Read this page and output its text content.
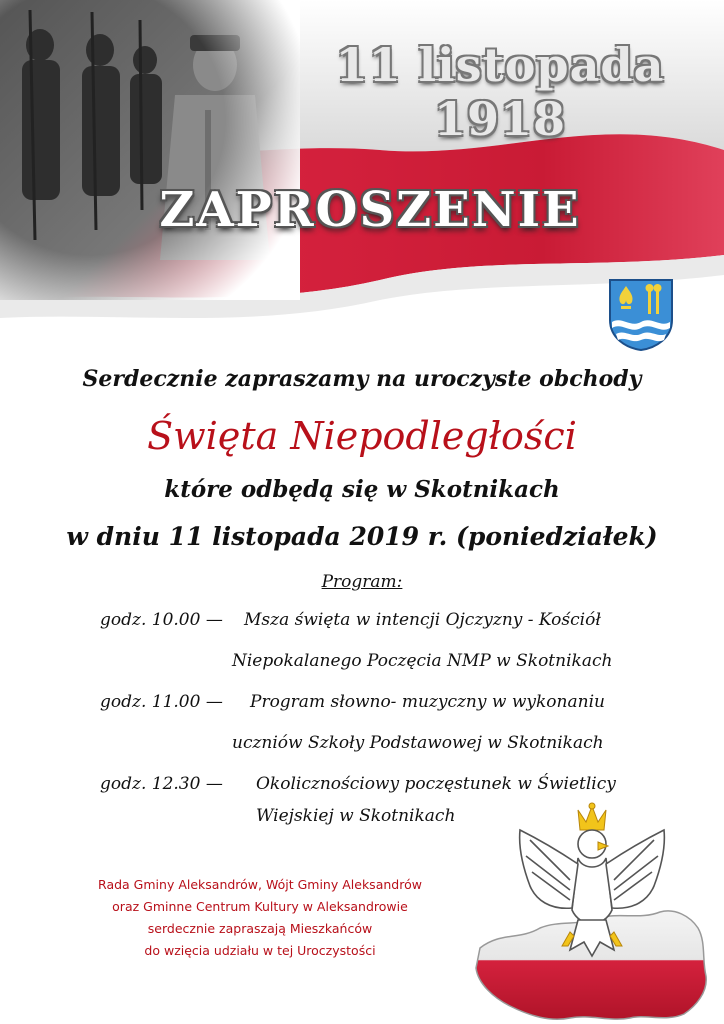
11 listopada 1918
ZAPROSZENIE
Serdecznie zapraszamy na uroczyste obchody
Święta Niepodległości
które odbędą się w Skotnikach
w dniu 11 listopada 2019 r. (poniedziałek)
Program:
godz. 10.00 — Msza święta w intencji Ojczyzny - Kościół
Niepokalanego Poczęcia NMP w Skotnikach
godz. 11.00 — Program słowno- muzyczny w wykonaniu
uczniów Szkoły Podstawowej w Skotnikach
godz. 12.30 — Okolicznościowy poczęstunek w Świetlicy
Wiejskiej w Skotnikach
Rada Gminy Aleksandrów, Wójt Gminy Aleksandrów
oraz Gminne Centrum Kultury w Aleksandrowie
serdecznie zapraszają Mieszkańców
do wzięcia udziału w tej Uroczystości
